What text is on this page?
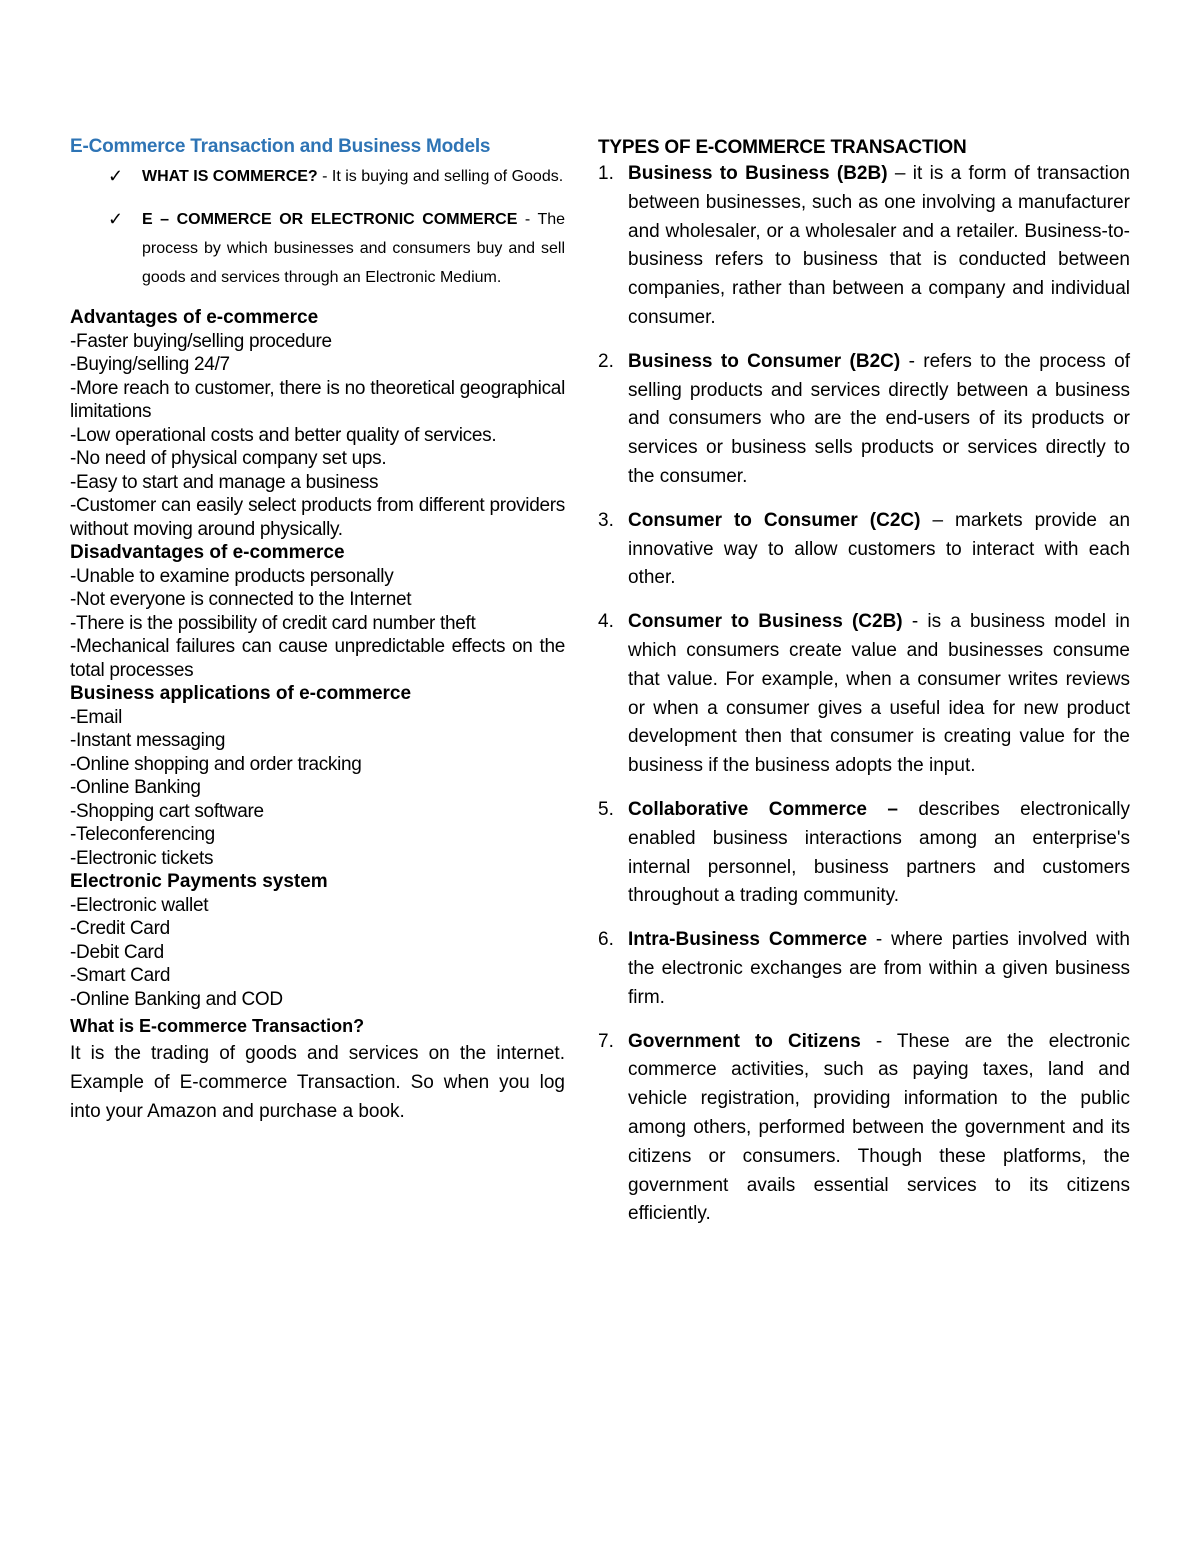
E-Commerce Transaction and Business Models
✓ WHAT IS COMMERCE? - It is buying and selling of Goods.
✓ E – COMMERCE OR ELECTRONIC COMMERCE - The process by which businesses and consumers buy and sell goods and services through an Electronic Medium.
Advantages of e-commerce
-Faster buying/selling procedure
-Buying/selling 24/7
-More reach to customer, there is no theoretical geographical limitations
-Low operational costs and better quality of services.
-No need of physical company set ups.
-Easy to start and manage a business
-Customer can easily select products from different providers without moving around physically.
Disadvantages of e-commerce
-Unable to examine products personally
-Not everyone is connected to the Internet
-There is the possibility of credit card number theft
-Mechanical failures can cause unpredictable effects on the total processes
Business applications of e-commerce
-Email
-Instant messaging
-Online shopping and order tracking
-Online Banking
-Shopping cart software
-Teleconferencing
-Electronic tickets
Electronic Payments system
-Electronic wallet
-Credit Card
-Debit Card
-Smart Card
-Online Banking and COD
What is E-commerce Transaction?

It is the trading of goods and services on the internet. Example of E-commerce Transaction. So when you log into your Amazon and purchase a book.

TYPES OF E-COMMERCE TRANSACTION
1. Business to Business (B2B) – it is a form of transaction between businesses, such as one involving a manufacturer and wholesaler, or a wholesaler and a retailer. Business-to-business refers to business that is conducted between companies, rather than between a company and individual consumer.
2. Business to Consumer (B2C) - refers to the process of selling products and services directly between a business and consumers who are the end-users of its products or services or business sells products or services directly to the consumer.
3. Consumer to Consumer (C2C) – markets provide an innovative way to allow customers to interact with each other.
4. Consumer to Business (C2B) - is a business model in which consumers create value and businesses consume that value. For example, when a consumer writes reviews or when a consumer gives a useful idea for new product development then that consumer is creating value for the business if the business adopts the input.
5. Collaborative Commerce – describes electronically enabled business interactions among an enterprise's internal personnel, business partners and customers throughout a trading community.
6. Intra-Business Commerce - where parties involved with the electronic exchanges are from within a given business firm.
7. Government to Citizens - These are the electronic commerce activities, such as paying taxes, land and vehicle registration, providing information to the public among others, performed between the government and its citizens or consumers. Though these platforms, the government avails essential services to its citizens efficiently.
